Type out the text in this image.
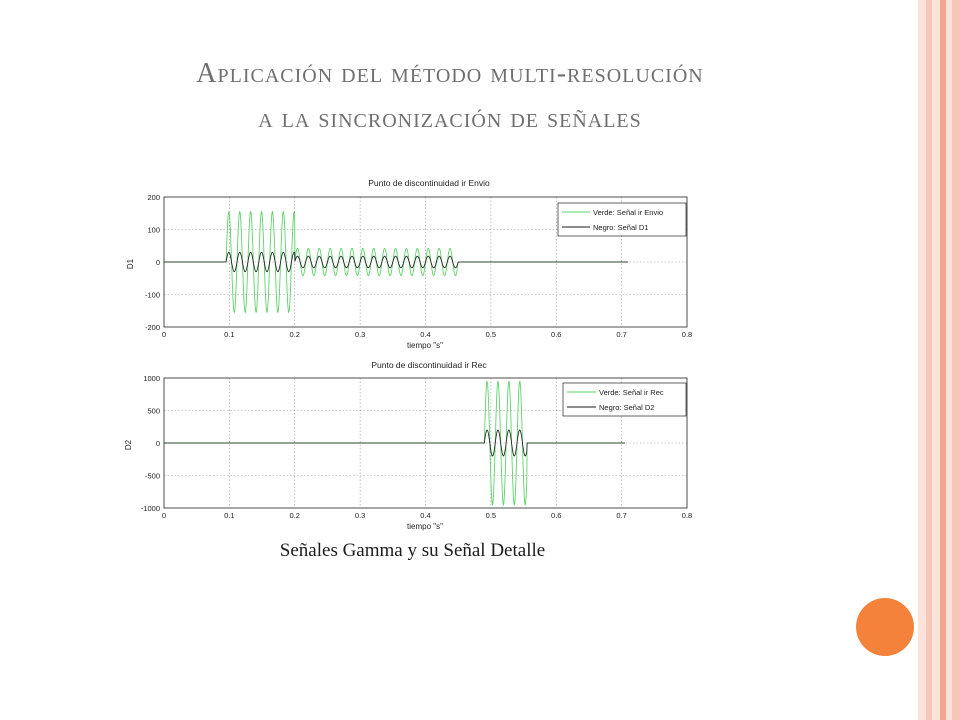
Aplicación del método multi-resolución
a la sincronización de señales
Punto de discontinuidad ir Envio
0	0.1	0.2	0.3	0.4	0.5	0.6	0.7	0.8
200
100
0
-100
-200
tiempo "s"
D1
Verde: Señal ir Envio
Negro: Señal D1
Punto de discontinuidad ir Rec
0	0.1	0.2	0.3	0.4	0.5	0.6	0.7	0.8
1000
500
0
-500
-1000
tiempo "s"
D2
Verde: Señal ir Rec
Negro: Señal D2
Señales Gamma y su Señal Detalle
